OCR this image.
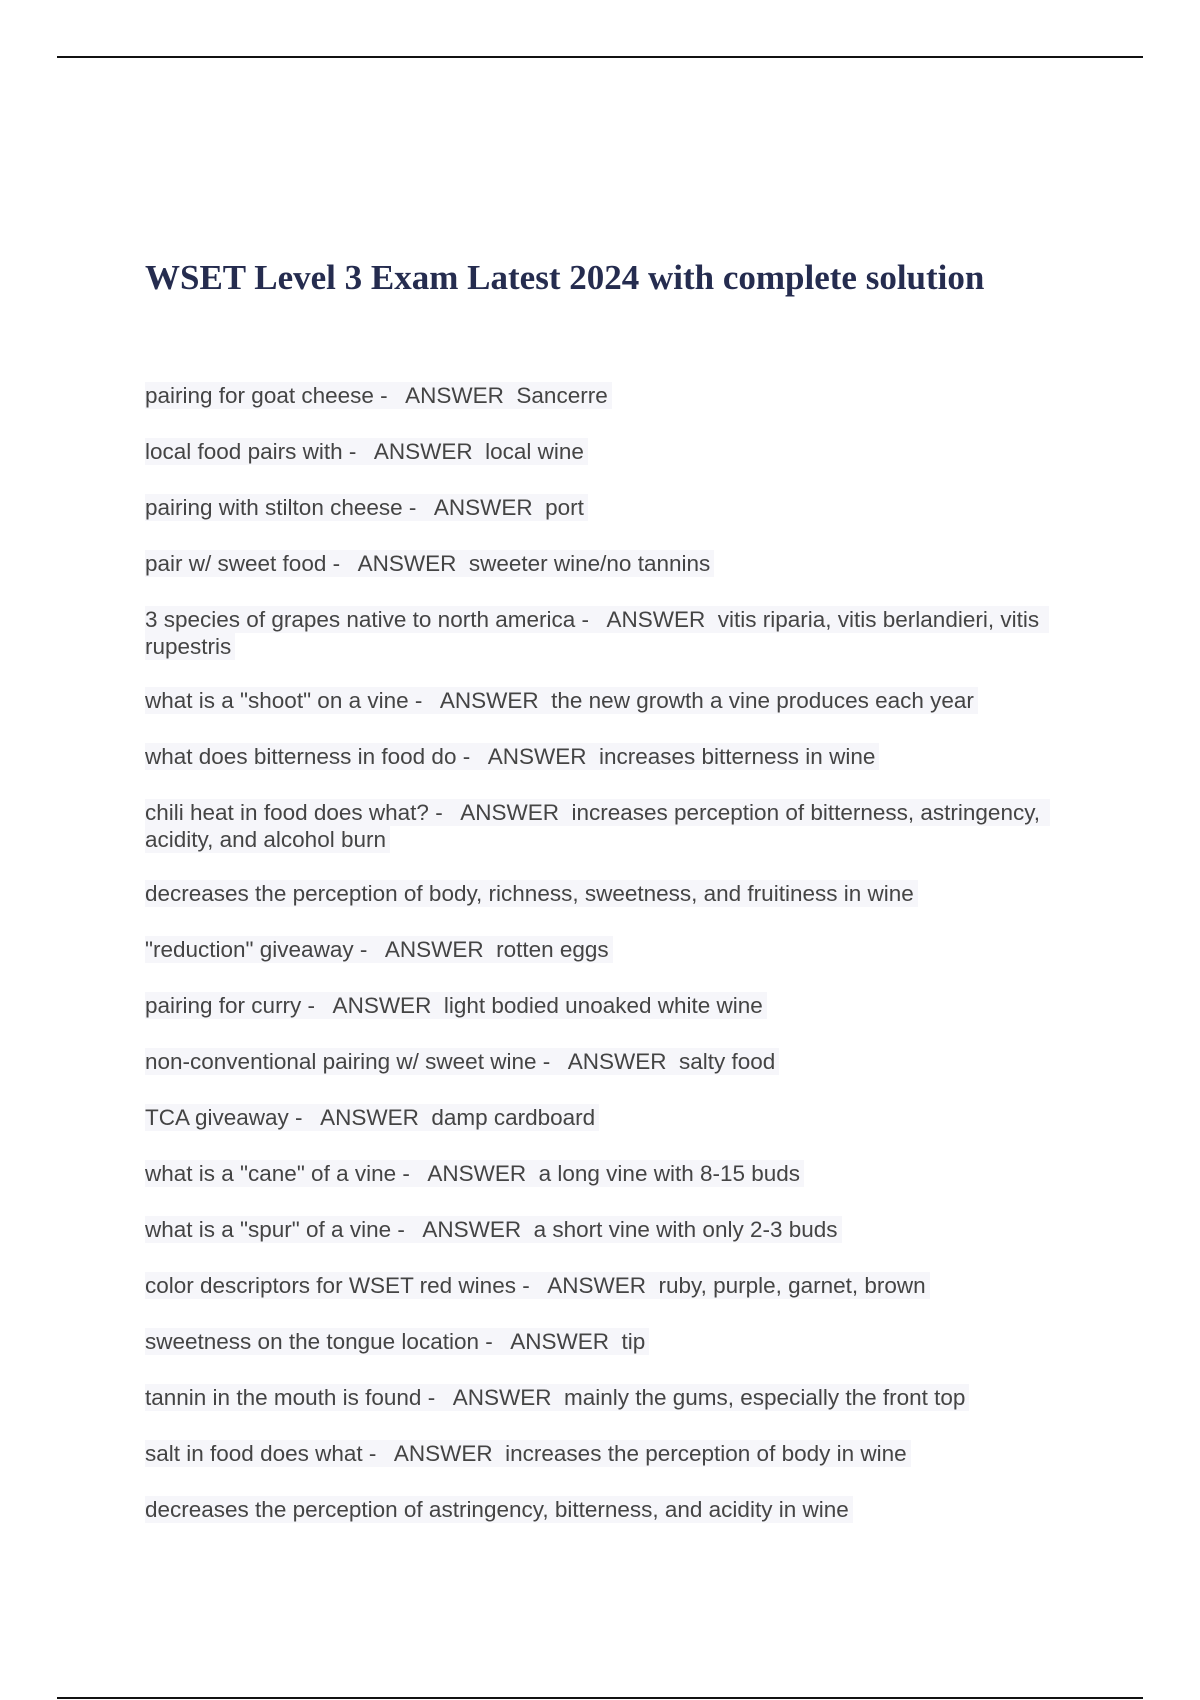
WSET Level 3 Exam Latest 2024 with complete solution

pairing for goat cheese -   ANSWER  Sancerre

local food pairs with -   ANSWER  local wine

pairing with stilton cheese -   ANSWER  port

pair w/ sweet food -   ANSWER  sweeter wine/no tannins

3 species of grapes native to north america -   ANSWER  vitis riparia, vitis berlandieri, vitis rupestris

what is a "shoot" on a vine -   ANSWER  the new growth a vine produces each year

what does bitterness in food do -   ANSWER  increases bitterness in wine

chili heat in food does what? -   ANSWER  increases perception of bitterness, astringency, acidity, and alcohol burn

decreases the perception of body, richness, sweetness, and fruitiness in wine

"reduction" giveaway -   ANSWER  rotten eggs

pairing for curry -   ANSWER  light bodied unoaked white wine

non-conventional pairing w/ sweet wine -   ANSWER  salty food

TCA giveaway -   ANSWER  damp cardboard

what is a "cane" of a vine -   ANSWER  a long vine with 8-15 buds

what is a "spur" of a vine -   ANSWER  a short vine with only 2-3 buds

color descriptors for WSET red wines -   ANSWER  ruby, purple, garnet, brown

sweetness on the tongue location -   ANSWER  tip

tannin in the mouth is found -   ANSWER  mainly the gums, especially the front top

salt in food does what -   ANSWER  increases the perception of body in wine

decreases the perception of astringency, bitterness, and acidity in wine
